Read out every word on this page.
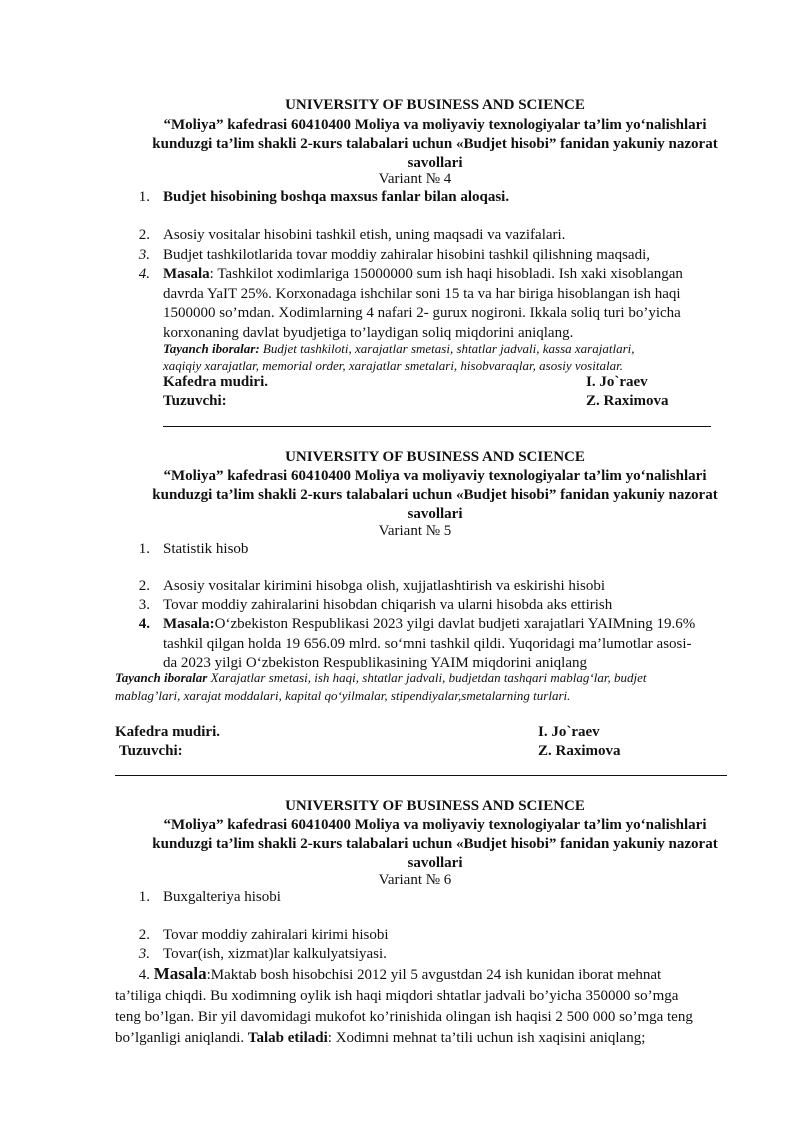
UNIVERSITY OF BUSINESS AND SCIENCE
“Moliya” kafedrasi 60410400 Moliya va moliyaviy texnologiyalar ta’lim yo‘nalishlari
kunduzgi ta’lim shakli 2-кurs talabalari uchun «Budjet hisobi” fanidan yakuniy nazorat
savollari
Variant № 4
1. Budjet hisobining boshqa maxsus fanlar bilan aloqasi.
2. Asosiy vositalar hisobini tashkil etish, uning maqsadi va vazifalari.
3. Budjet tashkilotlarida tovar moddiy zahiralar hisobini tashkil qilishning maqsadi,
4. Masala: Tashkilot xodimlariga 15000000 sum ish haqi hisobladi. Ish xaki xisoblangan
davrda YaIT 25%. Korxonadaga ishchilar soni 15 ta va har biriga hisoblangan ish haqi
1500000 so’mdan. Xodimlarning 4 nafari 2- gurux nogironi. Ikkala soliq turi bo’yicha
korxonaning davlat byudjetiga to’laydigan soliq miqdorini aniqlang.
Tayanch iboralar: Budjet tashkiloti, xarajatlar smetasi, shtatlar jadvali, kassa xarajatlari,
xaqiqiy xarajatlar, memorial order, xarajatlar smetalari, hisobvaraqlar, asosiy vositalar.
Kafedra mudiri.	I. Jo`raev
Tuzuvchi:	Z. Raximova
UNIVERSITY OF BUSINESS AND SCIENCE
“Moliya” kafedrasi 60410400 Moliya va moliyaviy texnologiyalar ta’lim yo‘nalishlari
kunduzgi ta’lim shakli 2-кurs talabalari uchun «Budjet hisobi” fanidan yakuniy nazorat
savollari
Variant № 5
1. Statistik hisob
2. Asosiy vositalar kirimini hisobga olish, xujjatlashtirish va eskirishi hisobi
3. Tovar moddiy zahiralarini hisobdan chiqarish va ularni hisobda aks ettirish
4. Masala:O‘zbekiston Respublikasi 2023 yilgi davlat budjeti xarajatlari YAIMning 19.6%
tashkil qilgan holda 19 656.09 mlrd. so‘mni tashkil qildi. Yuqoridagi ma’lumotlar asosi-
da 2023 yilgi O‘zbekiston Respublikasining YAIM miqdorini aniqlang
Tayanch iboralar Xarajatlar smetasi, ish haqi, shtatlar jadvali, budjetdan tashqari mablag‘lar, budjet
mablag’lari, xarajat moddalari, kapital qo‘yilmalar, stipendiyalar,smetalarning turlari.
Kafedra mudiri.	I. Jo`raev
Tuzuvchi:	Z. Raximova
UNIVERSITY OF BUSINESS AND SCIENCE
“Moliya” kafedrasi 60410400 Moliya va moliyaviy texnologiyalar ta’lim yo‘nalishlari
kunduzgi ta’lim shakli 2-кurs talabalari uchun «Budjet hisobi” fanidan yakuniy nazorat
savollari
Variant № 6
1. Buxgalteriya hisobi
2. Tovar moddiy zahiralari kirimi hisobi
3. Tovar(ish, xizmat)lar kalkulyatsiyasi.
4. Masala:Maktab bosh hisobchisi 2012 yil 5 avgustdan 24 ish kunidan iborat mehnat
ta’tiliga chiqdi. Bu xodimning oylik ish haqi miqdori shtatlar jadvali bo’yicha 350000 so’mga
teng bo’lgan. Bir yil davomidagi mukofot ko’rinishida olingan ish haqisi 2 500 000 so’mga teng
bo’lganligi aniqlandi. Talab etiladi: Xodimni mehnat ta’tili uchun ish xaqisini aniqlang;
